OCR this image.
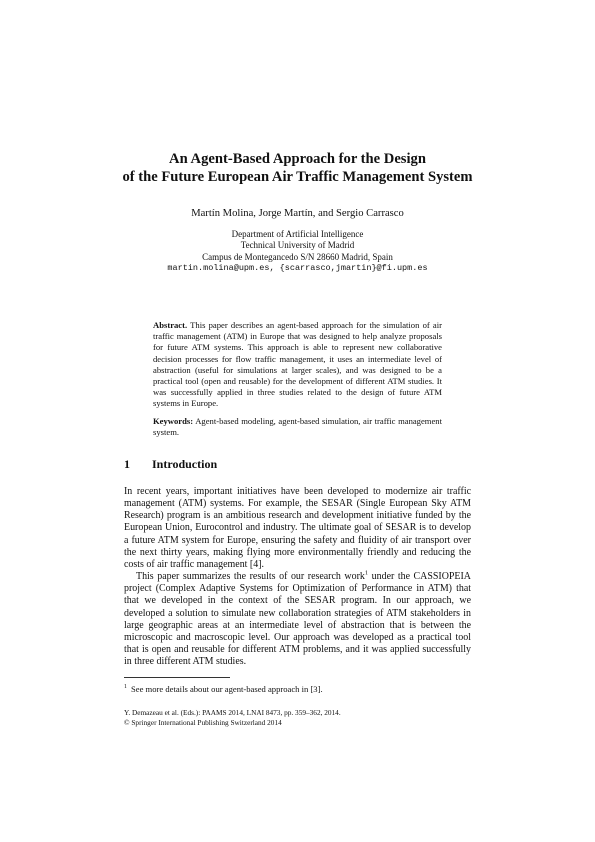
An Agent-Based Approach for the Design
of the Future European Air Traffic Management System
Martín Molina, Jorge Martín, and Sergio Carrasco
Department of Artificial Intelligence
Technical University of Madrid
Campus de Montegancedo S/N 28660 Madrid, Spain
martin.molina@upm.es, {scarrasco,jmartin}@fi.upm.es

Abstract. This paper describes an agent-based approach for the simulation of air traffic management (ATM) in Europe that was designed to help analyze proposals for future ATM systems. This approach is able to represent new collaborative decision processes for flow traffic management, it uses an intermediate level of abstraction (useful for simulations at larger scales), and was designed to be a practical tool (open and reusable) for the development of different ATM studies. It was successfully applied in three studies related to the design of future ATM systems in Europe.

Keywords: Agent-based modeling, agent-based simulation, air traffic management system.

1 Introduction

In recent years, important initiatives have been developed to modernize air traffic management (ATM) systems. For example, the SESAR (Single European Sky ATM Research) program is an ambitious research and development initiative funded by the European Union, Eurocontrol and industry. The ultimate goal of SESAR is to develop a future ATM system for Europe, ensuring the safety and fluidity of air transport over the next thirty years, making flying more environmentally friendly and reducing the costs of air traffic management [4].

This paper summarizes the results of our research work$^1$ under the CASSIOPEIA project (Complex Adaptive Systems for Optimization of Performance in ATM) that that we developed in the context of the SESAR program. In our approach, we developed a solution to simulate new collaboration strategies of ATM stakeholders in large geographic areas at an intermediate level of abstraction that is between the microscopic and macroscopic level. Our approach was developed as a practical tool that is open and reusable for different ATM problems, and it was applied successfully in three different ATM studies.

$^1$ See more details about our agent-based approach in [3].
Y. Demazeau et al. (Eds.): PAAMS 2014, LNAI 8473, pp. 359–362, 2014.
© Springer International Publishing Switzerland 2014
